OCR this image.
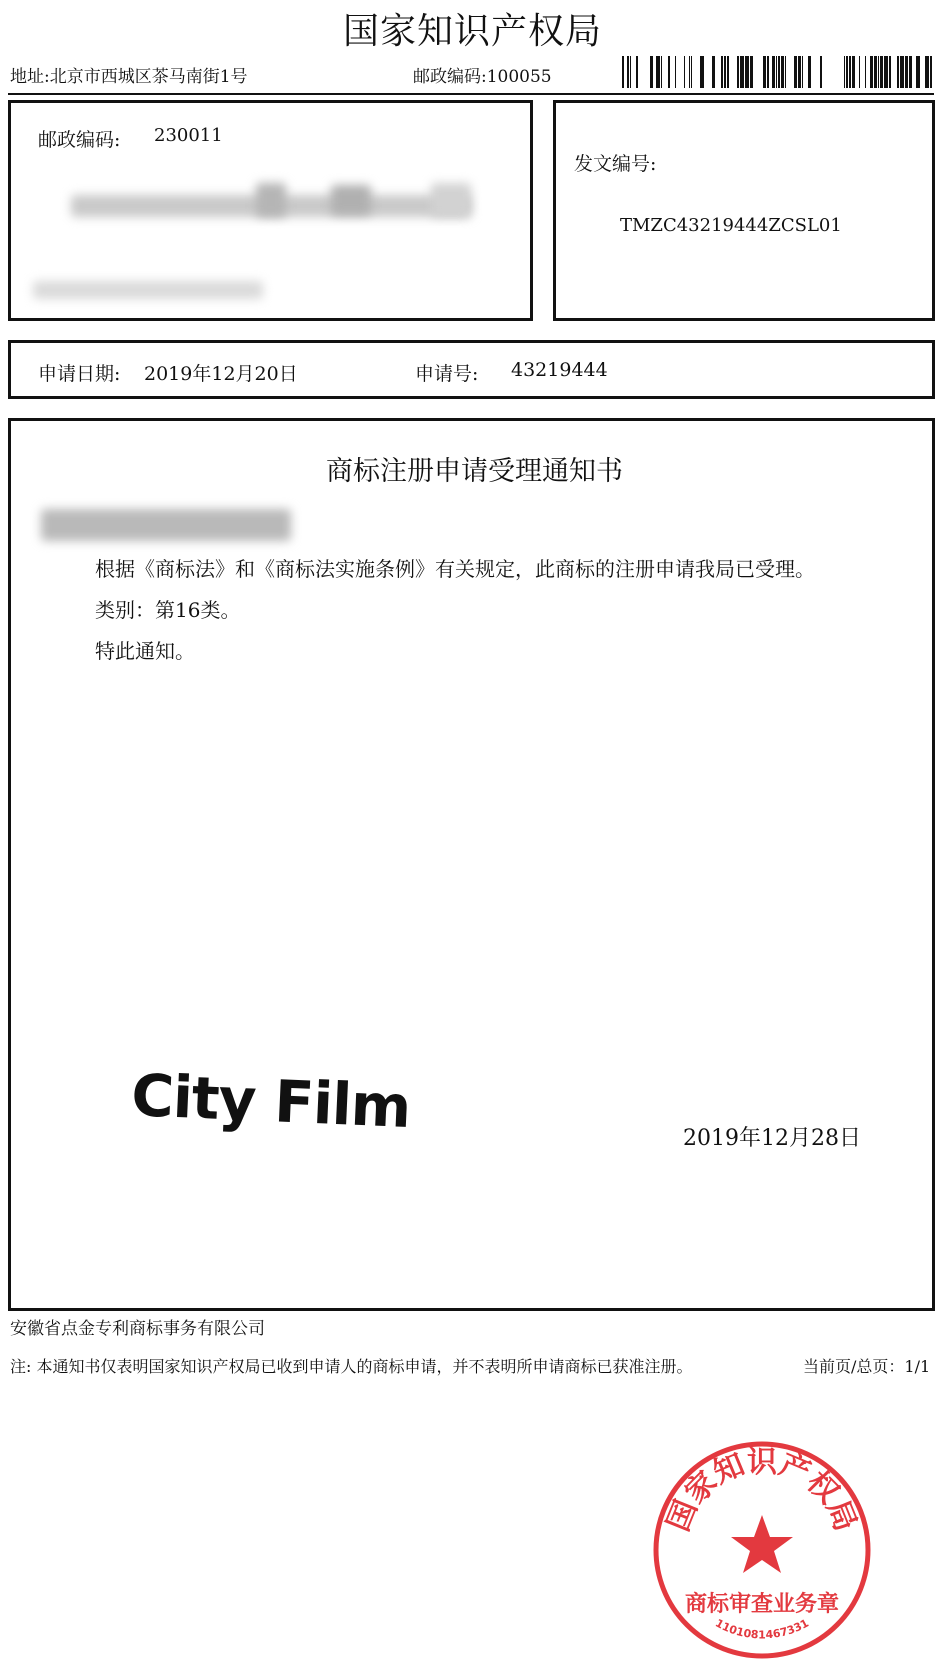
国家知识产权局
地址:北京市西城区茶马南街1号	邮政编码:100055
邮政编码: 230011
发文编号:
TMZC43219444ZCSL01
申请日期: 2019年12月20日	申请号: 43219444
商标注册申请受理通知书
根据《商标法》和《商标法实施条例》有关规定，此商标的注册申请我局已受理。
类别：第16类。
特此通知。
City Film
国家知识产权局
商标审查业务章
1101081467331
2019年12月28日
安徽省点金专利商标事务有限公司
注: 本通知书仅表明国家知识产权局已收到申请人的商标申请，并不表明所申请商标已获准注册。	当前页/总页：1/1
